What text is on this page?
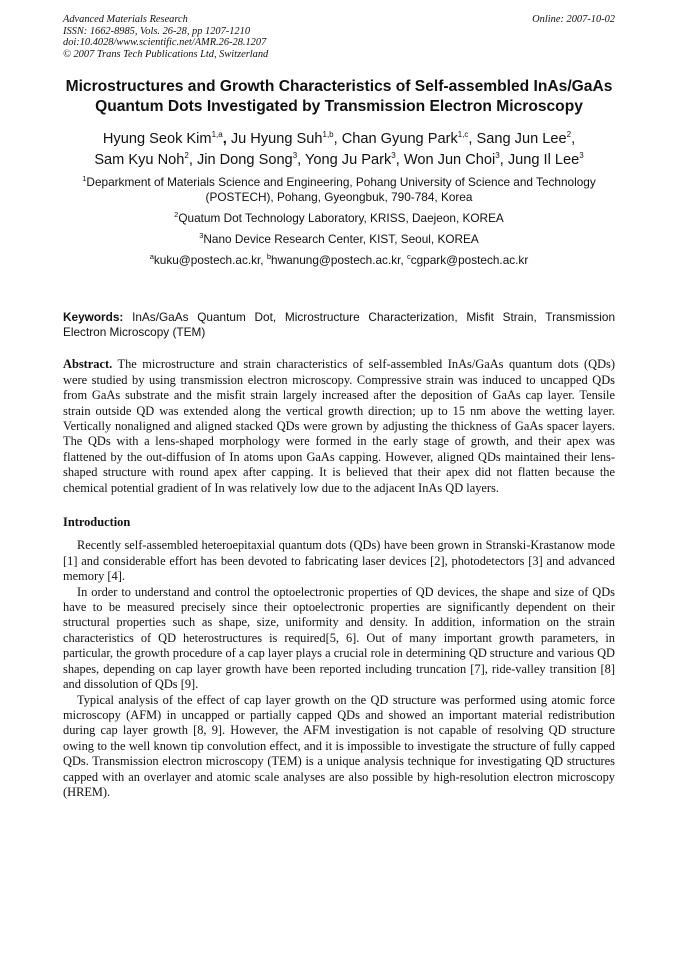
Advanced Materials Research
ISSN: 1662-8985, Vols. 26-28, pp 1207-1210
doi:10.4028/www.scientific.net/AMR.26-28.1207
© 2007 Trans Tech Publications Ltd, Switzerland
Online: 2007-10-02
Microstructures and Growth Characteristics of Self-assembled InAs/GaAs Quantum Dots Investigated by Transmission Electron Microscopy
Hyung Seok Kim$^{1,a}$, Ju Hyung Suh$^{1,b}$, Chan Gyung Park$^{1,c}$, Sang Jun Lee$^2$,
Sam Kyu Noh$^2$, Jin Dong Song$^3$, Yong Ju Park$^3$, Won Jun Choi$^3$, Jung Il Lee$^3$
$^1$Deparkment of Materials Science and Engineering, Pohang University of Science and Technology (POSTECH), Pohang, Gyeongbuk, 790-784, Korea
$^2$Quatum Dot Technology Laboratory, KRISS, Daejeon, KOREA
$^3$Nano Device Research Center, KIST, Seoul, KOREA
$^a$kuku@postech.ac.kr, $^b$hwanung@postech.ac.kr, $^c$cgpark@postech.ac.kr
Keywords: InAs/GaAs Quantum Dot, Microstructure Characterization, Misfit Strain, Transmission Electron Microscopy (TEM)
Abstract. The microstructure and strain characteristics of self-assembled InAs/GaAs quantum dots (QDs) were studied by using transmission electron microscopy. Compressive strain was induced to uncapped QDs from GaAs substrate and the misfit strain largely increased after the deposition of GaAs cap layer. Tensile strain outside QD was extended along the vertical growth direction; up to 15 nm above the wetting layer. Vertically nonaligned and aligned stacked QDs were grown by adjusting the thickness of GaAs spacer layers. The QDs with a lens-shaped morphology were formed in the early stage of growth, and their apex was flattened by the out-diffusion of In atoms upon GaAs capping. However, aligned QDs maintained their lens-shaped structure with round apex after capping. It is believed that their apex did not flatten because the chemical potential gradient of In was relatively low due to the adjacent InAs QD layers.
Introduction

Recently self-assembled heteroepitaxial quantum dots (QDs) have been grown in Stranski-Krastanow mode [1] and considerable effort has been devoted to fabricating laser devices [2], photodetectors [3] and advanced memory [4].

In order to understand and control the optoelectronic properties of QD devices, the shape and size of QDs have to be measured precisely since their optoelectronic properties are significantly dependent on their structural properties such as shape, size, uniformity and density. In addition, information on the strain characteristics of QD heterostructures is required[5, 6]. Out of many important growth parameters, in particular, the growth procedure of a cap layer plays a crucial role in determining QD structure and various QD shapes, depending on cap layer growth have been reported including truncation [7], ride-valley transition [8] and dissolution of QDs [9].

Typical analysis of the effect of cap layer growth on the QD structure was performed using atomic force microscopy (AFM) in uncapped or partially capped QDs and showed an important material redistribution during cap layer growth [8, 9]. However, the AFM investigation is not capable of resolving QD structure owing to the well known tip convolution effect, and it is impossible to investigate the structure of fully capped QDs. Transmission electron microscopy (TEM) is a unique analysis technique for investigating QD structures capped with an overlayer and atomic scale analyses are also possible by high-resolution electron microscopy (HREM).
